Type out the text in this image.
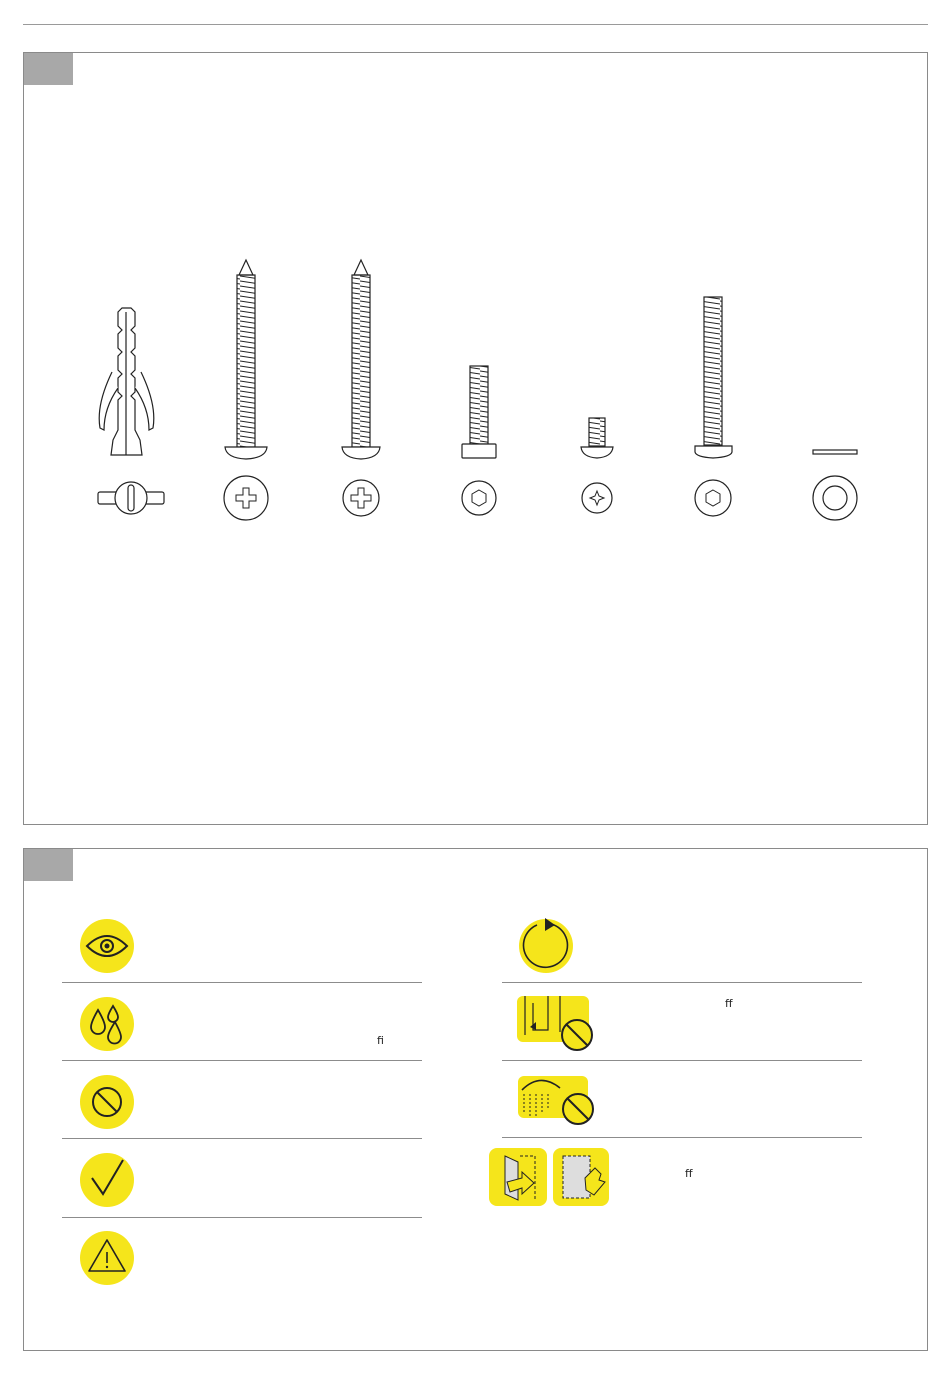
fi
ff
ff
